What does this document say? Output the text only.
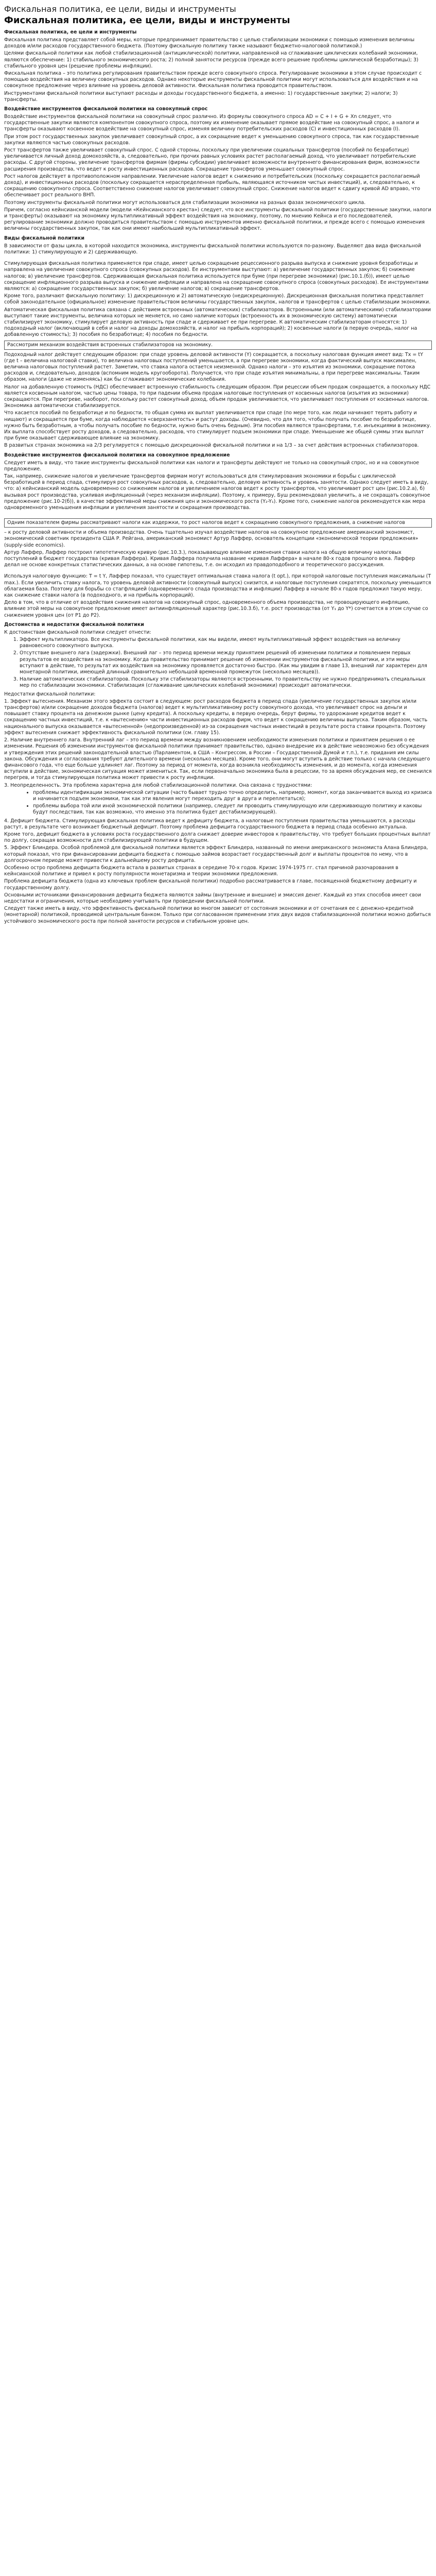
Фискальная политика, ее цели, виды и инструменты
Фискальная политика, ее цели, виды и инструменты
Фискальная политика, ее цели и инструменты

Фискальная политика представляет собой меры, которые предпринимает правительство с целью стабилизации экономики с помощью изменения величины доходов и/или расходов государственного бюджета. (Поэтому фискальную политику также называют бюджетно-налоговой политикой.)

Целями фискальной политики как любой стабилизационной (антициклической) политики, направленной на сглаживание циклических колебаний экономики, являются обеспечение: 1) стабильного экономического роста; 2) полной занятости ресурсов (прежде всего решение проблемы циклической безработицы); 3) стабильного уровня цен (решение проблемы инфляции).

Фискальная политика – это политика регулирования правительством прежде всего совокупного спроса. Регулирование экономики в этом случае происходит с помощью воздействия на величину совокупных расходов. Однако некоторые инструменты фискальной политики могут использоваться для воздействия и на совокупное предложение через влияние на уровень деловой активности. Фискальная политика проводится правительством.

Инструментами фискальной политики выступают расходы и доходы государственного бюджета, а именно: 1) государственные закупки; 2) налоги; 3) трансферты.

Воздействие инструментов фискальной политики на совокупный спрос

Воздействие инструментов фискальной политики на совокупный спрос различно. Из формулы совокупного спроса AD = C + I + G + Xn следует, что государственные закупки являются компонентом совокупного спроса, поэтому их изменение оказывает прямое воздействие на совокупный спрос, а налоги и трансферты оказывают косвенное воздействие на совокупный спрос, изменяя величину потребительских расходов (С) и инвестиционных расходов (I).

При этом рост государственных закупок увеличивает совокупный спрос, а их сокращение ведет к уменьшению совокупного спроса, так как государственные закупки являются частью совокупных расходов.

Рост трансфертов также увеличивает совокупный спрос. С одной стороны, поскольку при увеличении социальных трансфертов (пособий по безработице) увеличивается личный доход домохозяйств, а, следовательно, при прочих равных условиях растет располагаемый доход, что увеличивает потребительские расходы. С другой стороны, увеличение трансфертов фирмам (фирмы субсидии) увеличивает возможности внутреннего финансирования фирм, возможности расширения производства, что ведет к росту инвестиционных расходов. Сокращение трансфертов уменьшает совокупный спрос.

Рост налогов действует в противоположном направлении. Увеличение налогов ведет к снижению и потребительских (поскольку сокращается располагаемый доход), и инвестиционных расходов (поскольку сокращается нераспределенная прибыль, являющаяся источником чистых инвестиций), и, следовательно, к сокращению совокупного спроса. Соответственно снижение налогов увеличивает совокупный спрос. Снижение налогов ведет к сдвигу кривой AD вправо, что обеспечивает рост реального ВНП.

Поэтому инструменты фискальной политики могут использоваться для стабилизации экономики на разных фазах экономического цикла.

Причем, согласно кейнсианской модели (модели «Кейнсианского креста») следует, что все инструменты фискальной политики (государственные закупки, налоги и трансферты) оказывают на экономику мультипликативный эффект воздействия на экономику, поэтому, по мнению Кейнса и его последователей, регулирование экономики должно проводиться правительством с помощью инструментов именно фискальной политики, и прежде всего с помощью изменения величины государственных закупок, так как они имеют наибольший мультипликативный эффект.

Виды фискальной политики

В зависимости от фазы цикла, в которой находится экономика, инструменты фискальной политики используются по-разному. Выделяют два вида фискальной политики: 1) стимулирующую и 2) сдерживающую.

Стимулирующая фискальная политика применяется при спаде, имеет целью сокращение рецессионного разрыва выпуска и снижение уровня безработицы и направлена на увеличение совокупного спроса (совокупных расходов). Ее инструментами выступают: а) увеличение государственных закупок; б) снижение налогов; в) увеличение трансфертов. Сдерживающая фискальная политика используется при буме (при перегреве экономики) (рис.10.1.(б)), имеет целью сокращение инфляционного разрыва выпуска и снижение инфляции и направлена на сокращение совокупного спроса (совокупных расходов). Ее инструментами являются: а) сокращение государственных закупок; б) увеличение налогов; в) сокращение трансфертов.

Кроме того, различают фискальную политику: 1) дискреционную и 2) автоматическую (недискреционную). Дискреционная фискальная политика представляет собой законодательное (официальное) изменение правительством величины государственных закупок, налогов и трансфертов с целью стабилизации экономики.

Автоматическая фискальная политика связана с действием встроенных (автоматических) стабилизаторов. Встроенными (или автоматическими) стабилизаторами выступают такие инструменты, величина которых не меняется, но само наличие которых (встроенность их в экономическую систему) автоматически стабилизирует экономику, стимулирует деловую активность при спаде и сдерживает ее при перегреве. К автоматическим стабилизаторам относятся: 1) подоходный налог (включающий в себя и налог на доходы домохозяйств, и налог на прибыль корпораций); 2) косвенные налоги (в первую очередь, налог на добавленную стоимость); 3) пособия по безработице; 4) пособия по бедности.

Рассмотрим механизм воздействия встроенных стабилизаторов на экономику.

Подоходный налог действует следующим образом: при спаде уровень деловой активности (Y) сокращается, а поскольку налоговая функция имеет вид: Тх = tY (где t – величина налоговой ставки), то величина налоговых поступлений уменьшается, а при перегреве экономики, когда фактический выпуск максимален, величина налоговых поступлений растет. Заметим, что ставка налога остается неизменной. Однако налоги – это изъятия из экономики, сокращение потока расходов и, следовательно, доходов (вспомним модель кругооборота). Получается, что при спаде изъятия минимальны, а при перегреве максимальны. Таким образом, налоги (даже не изменяясь) как бы сглаживают экономические колебания.

Налог на добавленную стоимость (НДС) обеспечивает встроенную стабильность следующим образом. При рецессии объем продаж сокращается, а поскольку НДС является косвенным налогом, частью цены товара, то при падении объема продаж налоговые поступления от косвенных налогов (изъятия из экономики) сокращаются. При перегреве, наоборот, поскольку растет совокупный доход, объем продаж увеличивается, что увеличивает поступления от косвенных налогов. Экономика автоматически стабилизируется.

Что касается пособий по безработице и по бедности, то общая сумма их выплат увеличивается при спаде (по мере того, как люди начинают терять работу и нищают) и сокращается при буме, когда наблюдается «сверхзанятость» и растут доходы. (Очевидно, что для того, чтобы получать пособие по безработице, нужно быть безработным, а чтобы получать пособие по бедности, нужно быть очень бедным). Эти пособия являются трансфертами, т.е. инъекциями в экономику. Их выплата способствует росту доходов, а следовательно, расходов, что стимулирует подъем экономики при спаде. Уменьшение же общей суммы этих выплат при буме оказывает сдерживающее влияние на экономику.

В развитых странах экономика на 2/3 регулируется с помощью дискреционной фискальной политики и на 1/3 – за счет действия встроенных стабилизаторов.

Воздействие инструментов фискальной политики на совокупное предложение

Следует иметь в виду, что такие инструменты фискальной политики как налоги и трансферты действуют не только на совокупный спрос, но и на совокупное предложение.

Так, например, снижение налогов и увеличение трансфертов фирмам могут использоваться для стимулирования экономики и борьбы с циклической безработицей в период спада, стимулируя рост совокупных расходов, а, следовательно, деловую активность и уровень занятости. Однако следует иметь в виду, что: а) кейнсианский модель одновременно со снижением налогов и увеличением налогов ведет к росту трансфертов, что увеличивает рост цен (рис.10.2.а), б) вызывая рост производства, усиливая инфляционный (через механизм инфляции). Поэтому, к примеру, Буш рекомендовал увеличить, а не сокращать совокупное предложение (рис.10-2(б)), в качестве эффективной меры снижения цен и экономического роста (Y₂-Y₁). Кроме того, снижение налогов рекомендуется как мера одновременного уменьшения инфляции и увеличения занятости и сокращения производства.

Одним показателем фирмы рассматривают налоги как издержки, то рост налогов ведет к сокращению совокупного предложения, а снижение налогов

– к росту деловой активности и объема производства. Очень тщательно изучал воздействие налогов на совокупное предложение американский экономист, экономический советник президента США Р. Рейгана, американский экономист Артур Лаффер, основатель концепции «экономической теории предложения» (supply-side economics).

Артур Лаффер, Лаффер построил гипотетическую кривую (рис.10.3.), показывающую влияние изменения ставки налога на общую величину налоговых поступлений в бюджет государства (кривая Лаффера). Кривая Лаффера получила название «кривая Лаффера» в начале 80-х годов прошлого века. Лаффер делал не основе конкретных статистических данных, а на основе гипотезы, т.е. он исходил из правдоподобного и теоретического рассуждения.

Используя налоговую функцию: T = t Y, Лаффер показал, что существует оптимальная ставка налога (t opt.), при которой налоговые поступления максимальны (T max.). Если увеличить ставку налога, то уровень деловой активности (совокупный выпуск) снизится, и налоговые поступления сократятся, поскольку уменьшится облагаемая база. Поэтому для борьбы со стагфляцией (одновременного спада производства и инфляции) Лаффер в начале 80-х годов предложил такую меру, как снижение ставки налога (в подоходного, и на прибыль корпораций).

Дело в том, что в отличие от воздействия снижения налогов на совокупный спрос, одновременного объема производства, не провоцирующего инфляцию, влияние этой меры на совокупное предложение имеет антиинфляционный характер (рис.10.3.б), т.е. рост производства (от Y₁ до Y*) сочетается в этом случае со снижением уровня цен (от P1 до P2).

Достоинства и недостатки фискальной политики

К достоинствам фискальной политики следует отнести:

1. Эффект мультипликатора. Все инструменты фискальной политики, как мы видели, имеют мультипликативный эффект воздействия на величину равновесного совокупного выпуска.
2. Отсутствие внешнего лага (задержки). Внешний лаг – это период времени между принятием решений об изменении политики и появлением первых результатов ее воздействия на экономику. Когда правительство принимает решение об изменении инструментов фискальной политики, и эти меры вступают в действие, то результат их воздействия на экономику проявляется достаточно быстро. (Как мы увидим в главе 13, внешний лаг характерен для монетарной политики, имеющей длинный сравнительно небольшой временной промежуток (несколько месяцев)).
3. Наличие автоматических стабилизаторов. Поскольку эти стабилизаторы являются встроенными, то правительству не нужно предпринимать специальных мер по стабилизации экономики. Стабилизация (сглаживание циклических колебаний экономики) происходит автоматически.

Недостатки фискальной политики:

1. Эффект вытеснения. Механизм этого эффекта состоит в следующем: рост расходов бюджета в период спада (увеличение государственных закупок и/или трансфертов) и/или сокращение доходов бюджета (налогов) ведет к мультипликативному росту совокупного дохода, что увеличивает спрос на деньги и повышает ставку процента на денежном рынке (цену кредита). А поскольку кредиты, в первую очередь, берут фирмы, то удорожание кредитов ведет к сокращению частных инвестиций, т.е. к «вытеснению» части инвестиционных расходов фирм, что ведет к сокращению величины выпуска. Таким образом, часть национального выпуска оказывается «вытесненной» (недопроизведенной) из-за сокращения частных инвестиций в результате роста ставки процента. Поэтому эффект вытеснения снижает эффективность фискальной политики (см. главу 15).

2. Наличие внутреннего лага. Внутренний лаг – это период времени между возникновением необходимости изменения политики и принятием решения о ее изменении. Решения об изменении инструментов фискальной политики принимает правительство, однако внедрение их в действие невозможно без обсуждения и утверждения этих решений законодательной властью (Парламентом, в США – Конгрессом, в России – Государственной Думой и т.п.), т.е. придания им силы закона. Обсуждения и согласования требуют длительного времени (несколько месяцев). Кроме того, они могут вступить в действие только с начала следующего финансового года, что еще больше удлиняет лаг. Поэтому за период от момента, когда возникла необходимость изменения, и до момента, когда изменения вступили в действие, экономическая ситуация может измениться. Так, если первоначально экономика была в рецессии, то за время обсуждения мер, ее сменился перегрев, и тогда стимулирующая политика может привести к росту инфляции.

3. Неопределенность. Эта проблема характерна для любой стабилизационной политики. Она связана с трудностями:

• проблемы идентификации экономической ситуации (часто бывает трудно точно определить, например, момент, когда заканчивается выход из кризиса и начинается подъем экономики, так как эти явления могут переходить друг в друга и переплетаться);
• проблемы выбора той или иной экономической политики (например, следует ли проводить стимулирующую или сдерживающую политику и каковы будут последствия, так как возможно, что именно эта политика будет дестабилизирующей).

4. Дефицит бюджета. Стимулирующая фискальная политика ведет к дефициту бюджета, а налоговые поступления правительства уменьшаются, а расходы растут, в результате чего возникает бюджетный дефицит. Поэтому проблема дефицита государственного бюджета в период спада особенно актуальна.

Кроме того, дефицит бюджета в условиях роста государственного долга снижает доверие инвесторов к правительству, что требует больших процентных выплат по долгу, сокращая возможности для стабилизирующей политики в будущем.

5. Эффект Блиндера. Особой проблемой для фискальной политики является эффект Блиндера, названный по имени американского экономиста Алана Блиндера, который показал, что при финансировании дефицита бюджета с помощью займов возрастает государственный долг и выплаты процентов по нему, что в долгосрочном периоде может привести к дальнейшему росту дефицита.

Особенно остро проблема дефицита бюджета встала в развитых странах в середине 70-х годов. Кризис 1974-1975 гг. стал причиной разочарования в кейнсианской политике и привел к росту популярности монетаризма и теории экономики предложения.

Проблема дефицита бюджета (одна из ключевых проблем фискальной политики) подробно рассматривается в главе, посвященной бюджетному дефициту и государственному долгу.

Основными источниками финансирования дефицита бюджета являются займы (внутренние и внешние) и эмиссия денег. Каждый из этих способов имеет свои недостатки и ограничения, которые необходимо учитывать при проведении фискальной политики.

Следует также иметь в виду, что эффективность фискальной политики во многом зависит от состояния экономики и от сочетания ее с денежно-кредитной (монетарной) политикой, проводимой центральным банком. Только при согласованном применении этих двух видов стабилизационной политики можно добиться устойчивого экономического роста при полной занятости ресурсов и стабильном уровне цен.
